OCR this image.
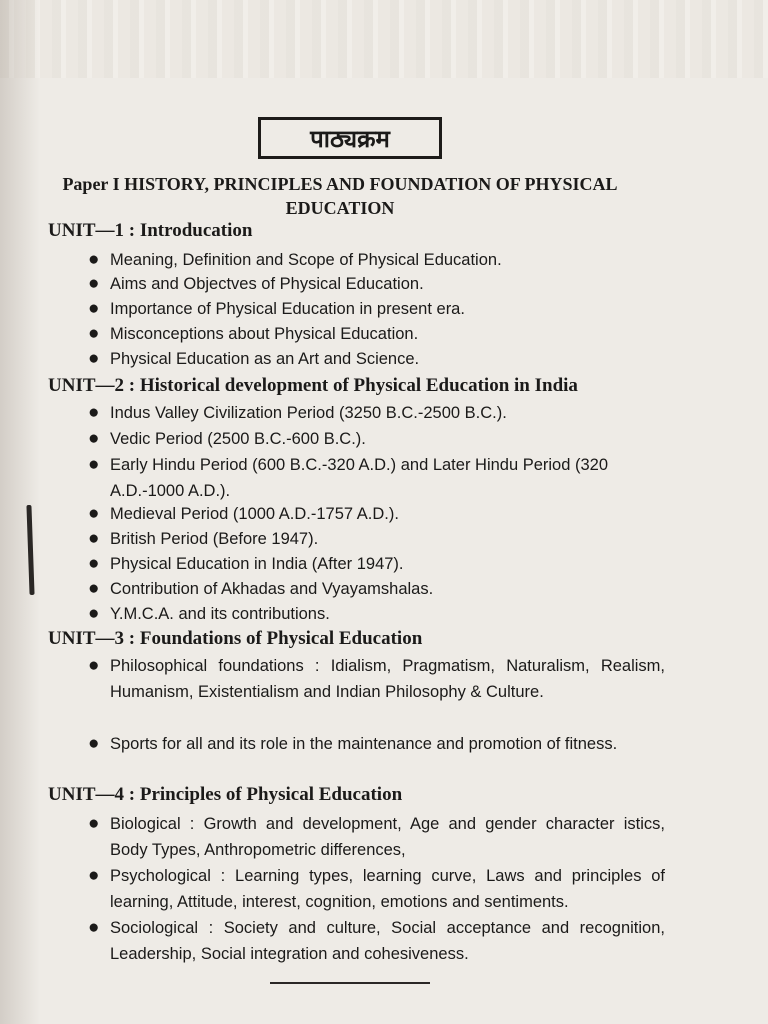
पाठ्यक्रम
Paper I HISTORY, PRINCIPLES AND FOUNDATION OF PHYSICAL EDUCATION
UNIT—1 : Introducation
● Meaning, Definition and Scope of Physical Education.
● Aims and Objectves of Physical Education.
● Importance of Physical Education in present era.
● Misconceptions about Physical Education.
● Physical Education as an Art and Science.
UNIT—2 : Historical development of Physical Education in India
● Indus Valley Civilization Period (3250 B.C.-2500 B.C.).
● Vedic Period (2500 B.C.-600 B.C.).
● Early Hindu Period (600 B.C.-320 A.D.) and Later Hindu Period (320 A.D.-1000 A.D.).
● Medieval Period (1000 A.D.-1757 A.D.).
● British Period (Before 1947).
● Physical Education in India (After 1947).
● Contribution of Akhadas and Vyayamshalas.
● Y.M.C.A. and its contributions.
UNIT—3 : Foundations of Physical Education
● Philosophical foundations : Idialism, Pragmatism, Naturalism, Realism, Humanism, Existentialism and Indian Philosophy & Culture.
● Sports for all and its role in the maintenance and promotion of fitness.
UNIT—4 : Principles of Physical Education
● Biological : Growth and development, Age and gender character istics, Body Types, Anthropometric differences,
● Psychological : Learning types, learning curve, Laws and principles of learning, Attitude, interest, cognition, emotions and sentiments.
● Sociological : Society and culture, Social acceptance and recognition, Leadership, Social integration and cohesiveness.
